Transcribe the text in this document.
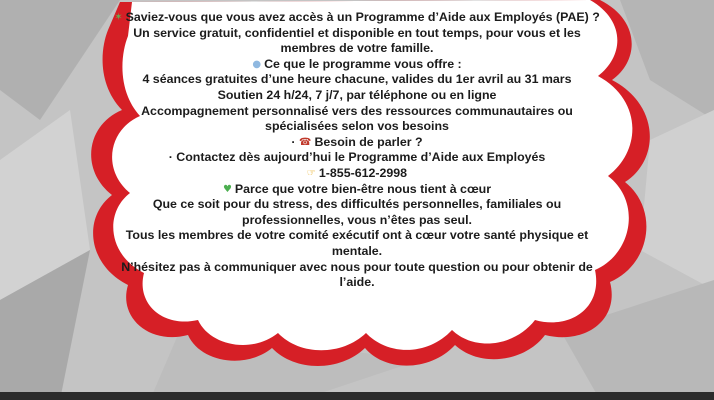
✶ Saviez-vous que vous avez accès à un Programme d’Aide aux Employés (PAE) ?
Un service gratuit, confidentiel et disponible en tout temps, pour vous et les membres de votre famille.
● Ce que le programme vous offre :
4 séances gratuites d’une heure chacune, valides du 1er avril au 31 mars
Soutien 24 h/24, 7 j/7, par téléphone ou en ligne
Accompagnement personnalisé vers des ressources communautaires ou spécialisées selon vos besoins
· ☎ Besoin de parler ?
· Contactez dès aujourd’hui le Programme d’Aide aux Employés
☞ 1-855-612-2998
♥ Parce que votre bien-être nous tient à cœur
Que ce soit pour du stress, des difficultés personnelles, familiales ou professionnelles, vous n’êtes pas seul.
Tous les membres de votre comité exécutif ont à cœur votre santé physique et mentale.
N’hésitez pas à communiquer avec nous pour toute question ou pour obtenir de l’aide.
